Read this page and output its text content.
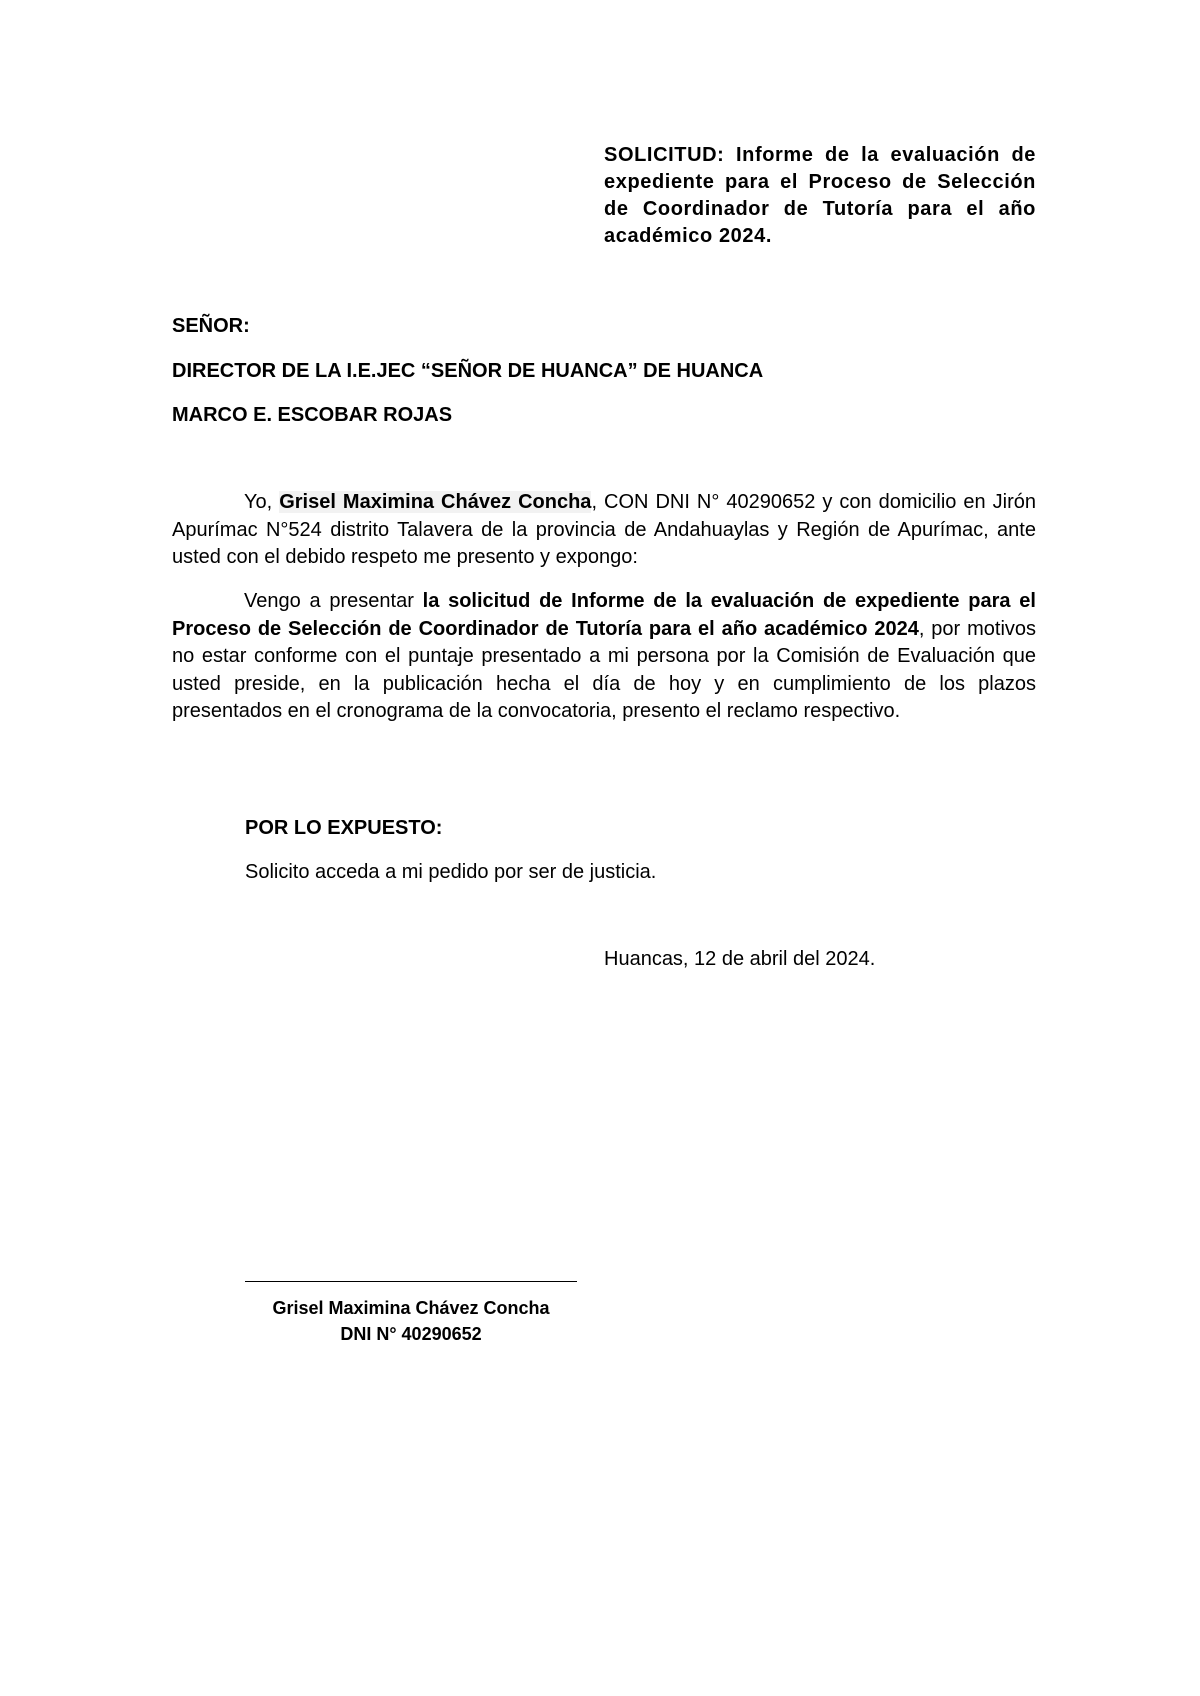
SOLICITUD: Informe de la evaluación de expediente para el Proceso de Selección de Coordinador de Tutoría para el año académico 2024.
SEÑOR:
DIRECTOR DE LA I.E.JEC “SEÑOR DE HUANCA” DE HUANCA
MARCO E. ESCOBAR ROJAS
Yo, Grisel Maximina Chávez Concha, CON DNI N° 40290652 y con domicilio en Jirón Apurímac N°524 distrito Talavera de la provincia de Andahuaylas y Región de Apurímac, ante usted con el debido respeto me presento y expongo:
Vengo a presentar la solicitud de Informe de la evaluación de expediente para el Proceso de Selección de Coordinador de Tutoría para el año académico 2024, por motivos no estar conforme con el puntaje presentado a mi persona por la Comisión de Evaluación que usted preside, en la publicación hecha el día de hoy y en cumplimiento de los plazos presentados en el cronograma de la convocatoria, presento el reclamo respectivo.
POR LO EXPUESTO:
Solicito acceda a mi pedido por ser de justicia.
Huancas, 12 de abril del 2024.
Grisel Maximina Chávez Concha
DNI N° 40290652
